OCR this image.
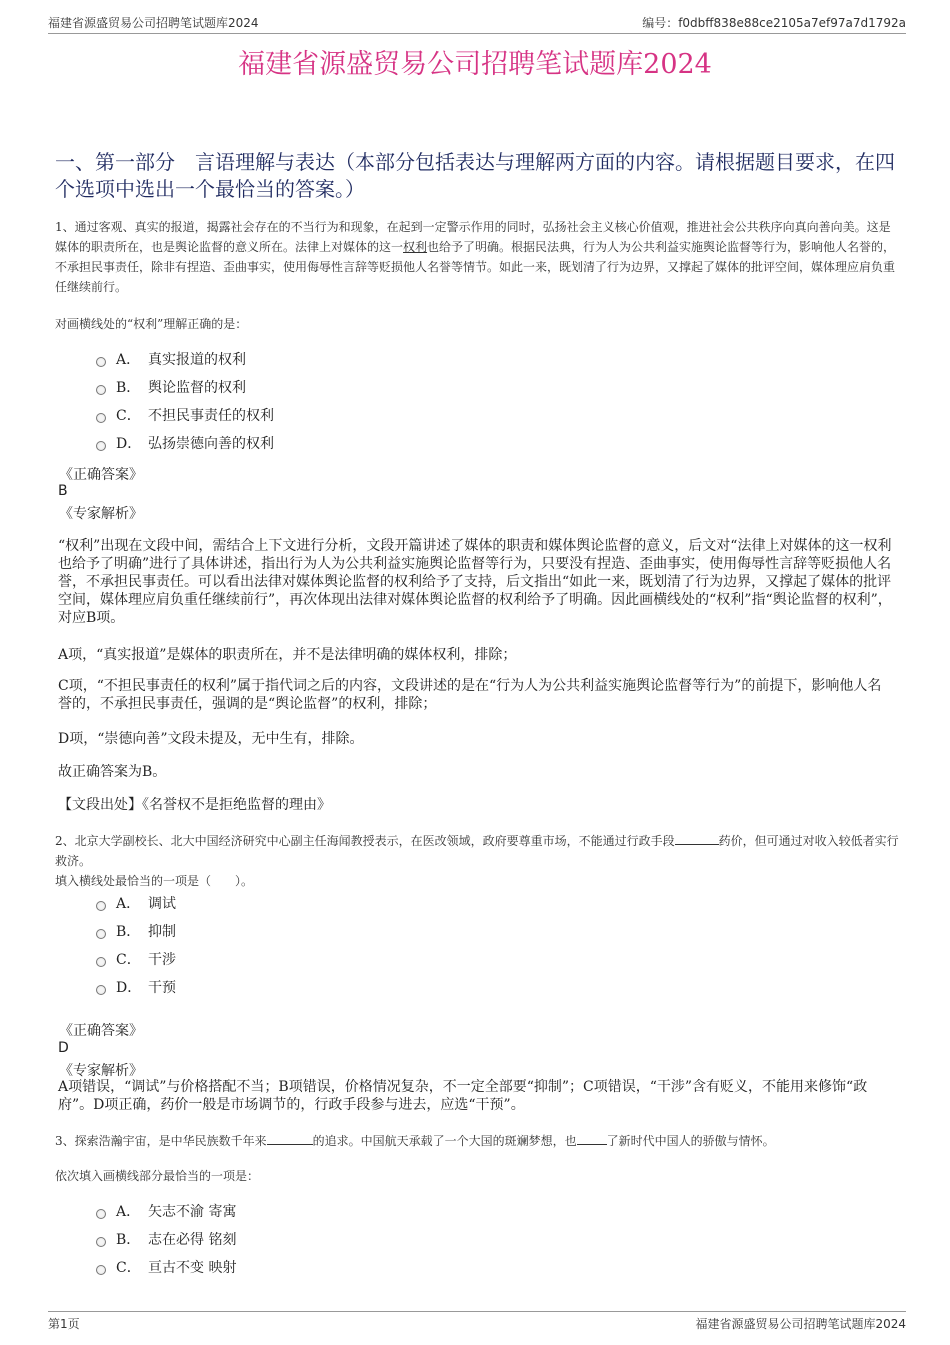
福建省源盛贸易公司招聘笔试题库2024	编号：f0dbff838e88ce2105a7ef97a7d1792a
福建省源盛贸易公司招聘笔试题库2024
一、第一部分　言语理解与表达（本部分包括表达与理解两方面的内容。请根据题目要求，在四个选项中选出一个最恰当的答案。）
1、通过客观、真实的报道，揭露社会存在的不当行为和现象，在起到一定警示作用的同时，弘扬社会主义核心价值观，推进社会公共秩序向真向善向美。这是媒体的职责所在，也是舆论监督的意义所在。法律上对媒体的这一权利也给予了明确。根据民法典，行为人为公共利益实施舆论监督等行为，影响他人名誉的，不承担民事责任，除非有捏造、歪曲事实，使用侮辱性言辞等贬损他人名誉等情节。如此一来，既划清了行为边界，又撑起了媒体的批评空间，媒体理应肩负重任继续前行。
对画横线处的“权利”理解正确的是：
A． 真实报道的权利
B． 舆论监督的权利
C． 不担民事责任的权利
D． 弘扬崇德向善的权利
《正确答案》
B
《专家解析》
“权利”出现在文段中间，需结合上下文进行分析，文段开篇讲述了媒体的职责和媒体舆论监督的意义，后文对“法律上对媒体的这一权利也给予了明确”进行了具体讲述，指出行为人为公共利益实施舆论监督等行为，只要没有捏造、歪曲事实，使用侮辱性言辞等贬损他人名誉，不承担民事责任。可以看出法律对媒体舆论监督的权利给予了支持，后文指出“如此一来，既划清了行为边界，又撑起了媒体的批评空间，媒体理应肩负重任继续前行”，再次体现出法律对媒体舆论监督的权利给予了明确。因此画横线处的“权利”指“舆论监督的权利”，对应B项。
A项，“真实报道”是媒体的职责所在，并不是法律明确的媒体权利，排除；
C项，“不担民事责任的权利”属于指代词之后的内容，文段讲述的是在“行为人为公共利益实施舆论监督等行为”的前提下，影响他人名誉的，不承担民事责任，强调的是“舆论监督”的权利，排除；
D项，“崇德向善”文段未提及，无中生有，排除。
故正确答案为B。
【文段出处】《名誉权不是拒绝监督的理由》
2、北京大学副校长、北大中国经济研究中心副主任海闻教授表示，在医改领域，政府要尊重市场，不能通过行政手段	药价，但可通过对收入较低者实行救济。
填入横线处最恰当的一项是（　　）。
A． 调试
B． 抑制
C． 干涉
D． 干预
《正确答案》
D
《专家解析》
A项错误，“调试”与价格搭配不当；B项错误，价格情况复杂，不一定全部要“抑制”；C项错误，“干涉”含有贬义，不能用来修饰“政府”。D项正确，药价一般是市场调节的，行政手段参与进去，应选“干预”。
3、探索浩瀚宇宙，是中华民族数千年来	的追求。中国航天承载了一个大国的斑斓梦想，也	了新时代中国人的骄傲与情怀。
依次填入画横线部分最恰当的一项是：
A． 矢志不渝 寄寓
B． 志在必得 铭刻
C． 亘古不变 映射
第1页	福建省源盛贸易公司招聘笔试题库2024
